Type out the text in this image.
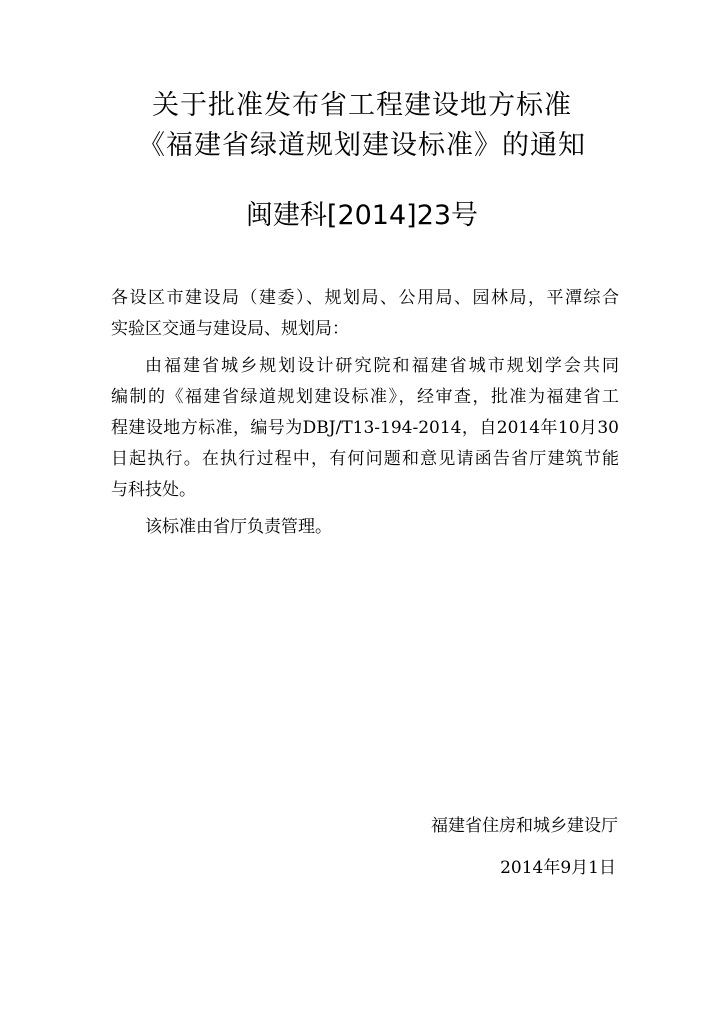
关于批准发布省工程建设地方标准
《福建省绿道规划建设标准》的通知
闽建科[2014]23号
各设区市建设局（建委）、规划局、公用局、园林局，平潭综合
实验区交通与建设局、规划局：
由福建省城乡规划设计研究院和福建省城市规划学会共同
编制的《福建省绿道规划建设标准》，经审查，批准为福建省工
程建设地方标准，编号为DBJ/T13-194-2014，自2014年10月30
日起执行。在执行过程中，有何问题和意见请函告省厅建筑节能
与科技处。
该标准由省厅负责管理。
福建省住房和城乡建设厅
2014年9月1日
